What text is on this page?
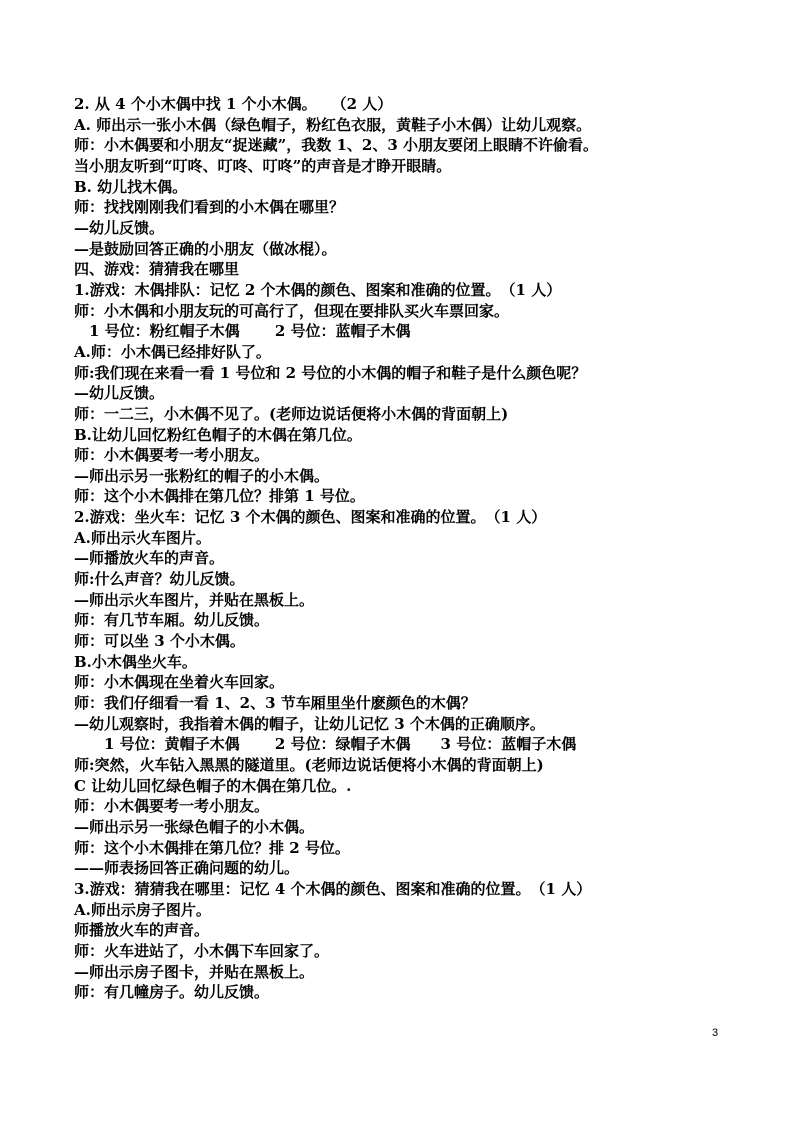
2. 从 4 个小木偶中找 1 个小木偶。　　（2 人）
A. 师出示一张小木偶（绿色帽子，粉红色衣服，黄鞋子小木偶）让幼儿观察。
师：小木偶要和小朋友“捉迷藏”，我数 1、2、3 小朋友要闭上眼睛不许偷看。
当小朋友听到“叮咚、叮咚、叮咚”的声音是才睁开眼睛。
B. 幼儿找木偶。
师：找找刚刚我们看到的小木偶在哪里？
—幼儿反馈。
—是鼓励回答正确的小朋友（做冰棍）。
四、游戏：猜猜我在哪里
1.游戏：木偶排队：记忆 2 个木偶的颜色、图案和准确的位置。　（1 人）
师：小木偶和小朋友玩的可高行了，但现在要排队买火车票回家。
　1 号位：粉红帽子木偶　　 2 号位：蓝帽子木偶
A.师：小木偶已经排好队了。
师:我们现在来看一看 1 号位和 2 号位的小木偶的帽子和鞋子是什么颜色呢？
—幼儿反馈。
师：一二三，小木偶不见了。(老师边说话便将小木偶的背面朝上)
B.让幼儿回忆粉红色帽子的木偶在第几位。
师：小木偶要考一考小朋友。
—师出示另一张粉红的帽子的小木偶。
师：这个小木偶排在第几位？排第 1 号位。
2.游戏：坐火车：记忆 3 个木偶的颜色、图案和准确的位置。　（1 人）
A.师出示火车图片。
—师播放火车的声音。
师:什么声音？幼儿反馈。
—师出示火车图片，并贴在黑板上。
师：有几节车厢。幼儿反馈。
师：可以坐 3 个小木偶。
B.小木偶坐火车。
师：小木偶现在坐着火车回家。
师：我们仔细看一看 1、2、3 节车厢里坐什麽颜色的木偶？
—幼儿观察时，我指着木偶的帽子，让幼儿记忆 3 个木偶的正确顺序。
　　1 号位：黄帽子木偶　　 2 号位：绿帽子木偶　　3 号位：蓝帽子木偶
师:突然，火车钻入黑黑的隧道里。(老师边说话便将小木偶的背面朝上)
C 让幼儿回忆绿色帽子的木偶在第几位。.
师：小木偶要考一考小朋友。
—师出示另一张绿色帽子的小木偶。
师：这个小木偶排在第几位？排 2 号位。
——师表扬回答正确问题的幼儿。
3.游戏：猜猜我在哪里：记忆 4 个木偶的颜色、图案和准确的位置。　（1 人）
A.师出示房子图片。
师播放火车的声音。
师：火车进站了，小木偶下车回家了。
—师出示房子图卡，并贴在黑板上。
师：有几幢房子。幼儿反馈。
3
